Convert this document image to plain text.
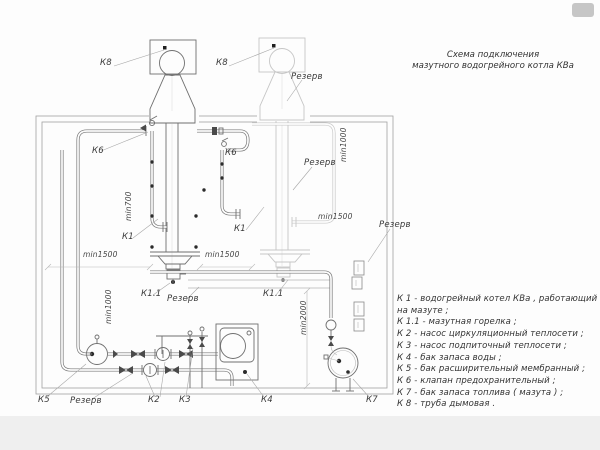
Схема подключения
мазутного водогрейного котла КВа
К 1 - водогрейный котел КВа , работающий
на мазуте ;
К 1.1 - мазутная горелка ;
К 2 - насос циркуляционный теплосети ;
К 3 - насос подпиточный теплосети ;
К 4 - бак запаса воды ;
К 5 - бак расширительный мембранный ;
К 6 - клапан предохранительный ;
К 7 - бак запаса топлива ( мазута ) ;
К 8 - труба дымовая .
К8	К8
Резерв
К6	К6
К1
К1
min1500	min1500
min1500
min700
min1000
min1000
min2000
Резерв
Резерв
К1.1 Резерв	К1.1
К5 Резерв	К2 К3	К4	К7
